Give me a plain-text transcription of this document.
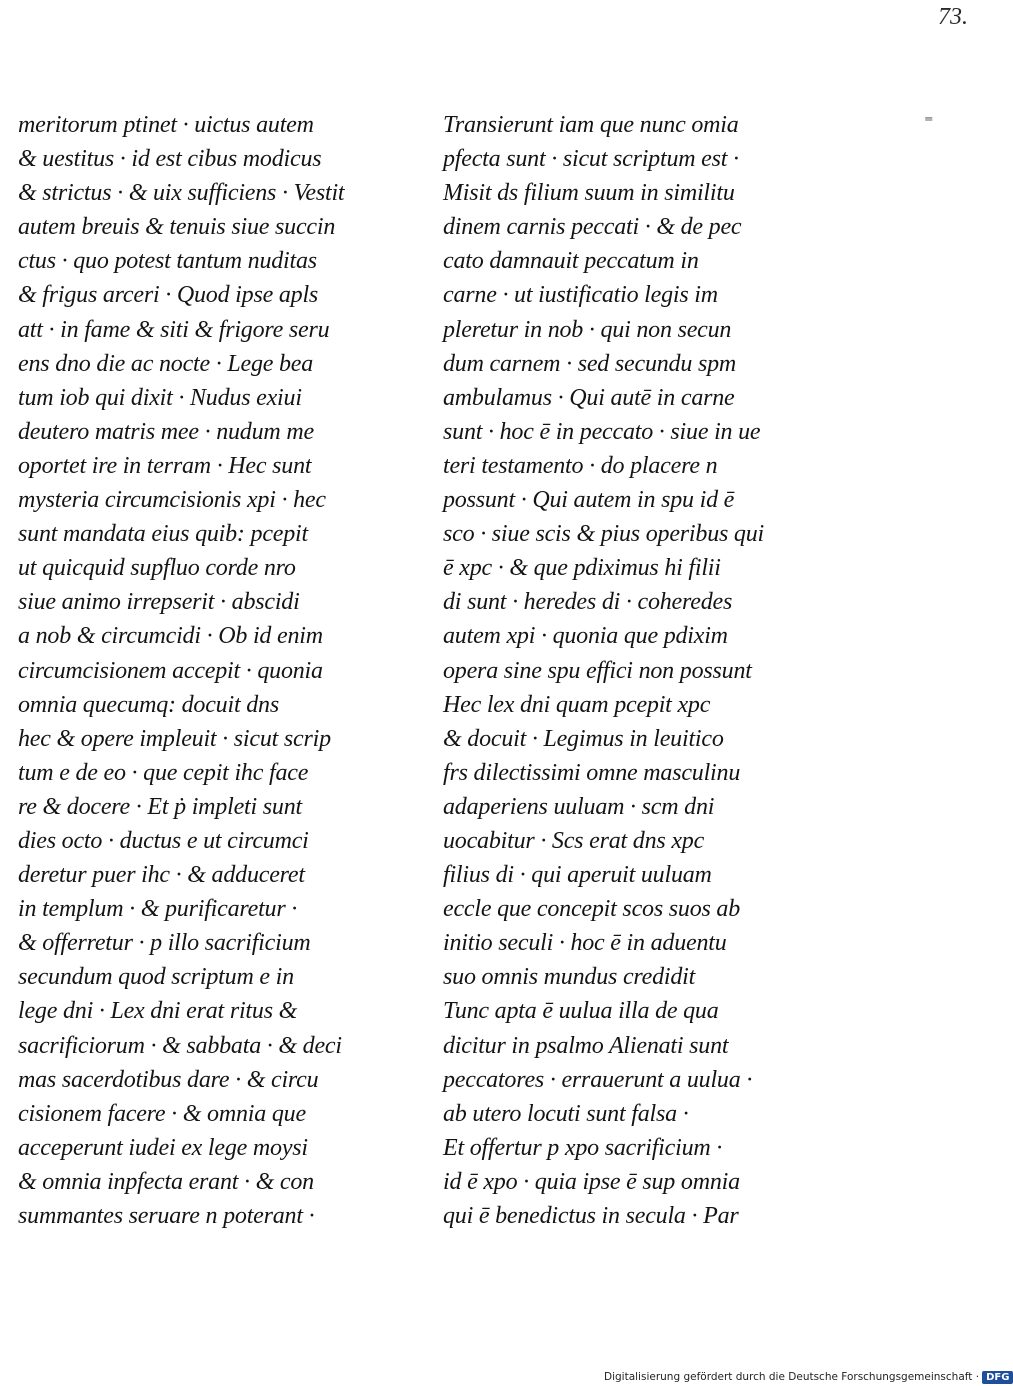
73.
⁼
meritorum ptinet · uictus autem
& uestitus · id est cibus modicus
& strictus · & uix sufficiens · Vestit
autem breuis & tenuis siue succin
ctus · quo potest tantum nuditas
& frigus arceri · Quod ipse apls
att · in fame & siti & frigore seru
ens dno die ac nocte · Lege bea
tum iob qui dixit · Nudus exiui
deutero matris mee · nudum me
oportet ire in terram · Hec sunt
mysteria circumcisionis xpi · hec
sunt mandata eius quib: pcepit
ut quicquid supfluo corde nro
siue animo irrepserit · abscidi
a nob & circumcidi · Ob id enim
circumcisionem accepit · quonia
omnia quecumq: docuit dns
hec & opere impleuit · sicut scrip
tum e de eo · que cepit ihc face
re & docere · Et ṗ impleti sunt
dies octo · ductus e ut circumci
deretur puer ihc · & adduceret
in templum · & purificaretur ·
& offerretur · p illo sacrificium
secundum quod scriptum e in
lege dni · Lex dni erat ritus &
sacrificiorum · & sabbata · & deci
mas sacerdotibus dare · & circu
cisionem facere · & omnia que
acceperunt iudei ex lege moysi
& omnia inpfecta erant · & con
summantes seruare n poterant ·
Transierunt iam que nunc omia
pfecta sunt · sicut scriptum est ·
Misit ds filium suum in similitu
dinem carnis peccati · & de pec
cato damnauit peccatum in
carne · ut iustificatio legis im
pleretur in nob · qui non secun
dum carnem · sed secundu spm
ambulamus · Qui autē in carne
sunt · hoc ē in peccato · siue in ue
teri testamento · do placere n
possunt · Qui autem in spu id ē
sco · siue scis & pius operibus qui
ē xpc · & que pdiximus hi filii
di sunt · heredes di · coheredes
autem xpi · quonia que pdixim
opera sine spu effici non possunt
Hec lex dni quam pcepit xpc
& docuit · Legimus in leuitico
frs dilectissimi omne masculinu
adaperiens uuluam · scm dni
uocabitur · Scs erat dns xpc
filius di · qui aperuit uuluam
eccle que concepit scos suos ab
initio seculi · hoc ē in aduentu
suo omnis mundus credidit
Tunc apta ē uulua illa de qua
dicitur in psalmo Alienati sunt
peccatores · errauerunt a uulua ·
ab utero locuti sunt falsa ·
Et offertur p xpo sacrificium ·
id ē xpo · quia ipse ē sup omnia
qui ē benedictus in secula · Par
Digitalisierung gefördert durch die Deutsche Forschungsgemeinschaft · DFG
